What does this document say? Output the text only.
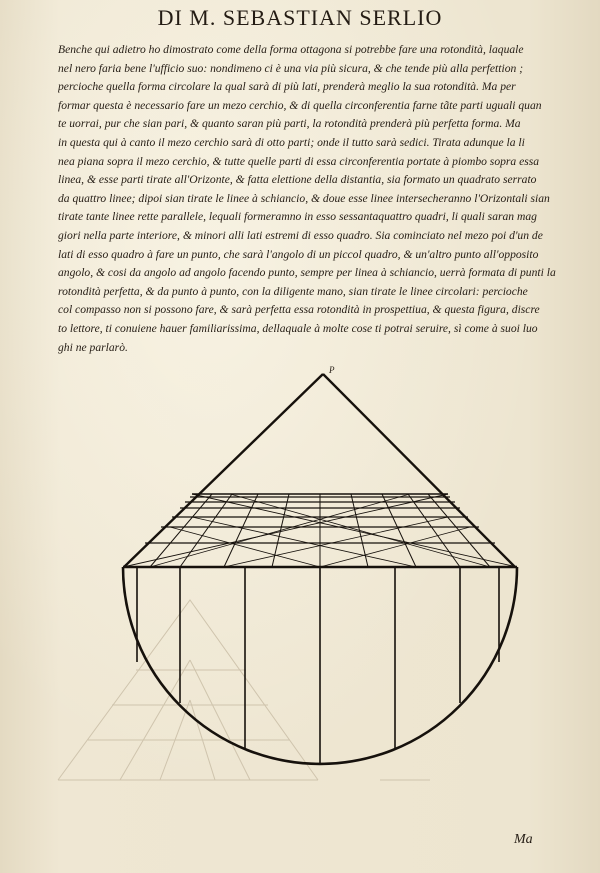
DI M. SEBASTIAN SERLIO
Benche qui adietro ho dimostrato come della forma ottagona si potrebbe fare una rotondità, laquale
nel nero faria bene l'ufficio suo: nondimeno ci è una via più sicura, & che tende più alla perfettion ;
percioche quella forma circolare la qual sarà di più lati, prenderà meglio la sua rotondità. Ma per
formar questa è necessario fare un mezo cerchio, & di quella circonferentia farne tãte parti uguali quan
te uorrai, pur che sian pari, & quanto saran più parti, la rotondità prenderà più perfetta forma. Ma
in questa qui à canto il mezo cerchio sarà di otto parti; onde il tutto sarà sedici. Tirata adunque la li
nea piana sopra il mezo cerchio, & tutte quelle parti di essa circonferentia portate à piombo sopra essa
linea, & esse parti tirate all'Orizonte, & fatta elettione della distantia, sia formato un quadrato serrato
da quattro linee; dipoi sian tirate le linee à schiancio, & doue esse linee intersecheranno l'Orizontali sian
tirate tante linee rette parallele, lequali formeramno in esso sessantaquattro quadri, li quali saran mag
giori nella parte interiore, & minori alli lati estremi di esso quadro. Sia cominciato nel mezo poi d'un de
lati di esso quadro à fare un punto, che sarà l'angolo di un piccol quadro, & un'altro punto all'opposito
angolo, & cosi da angolo ad angolo facendo punto, sempre per linea à schiancio, uerrà formata di punti la
rotondità perfetta, & da punto à punto, con la diligente mano, sian tirate le linee circolari: percioche
col compasso non si possono fare, & sarà perfetta essa rotondità in prospettiua, & questa figura, discre
to lettore, ti conuiene hauer familiarissima, dellaquale à molte cose ti potrai seruire, sì come à suoi luo
ghi ne parlarò.
P
Ma
